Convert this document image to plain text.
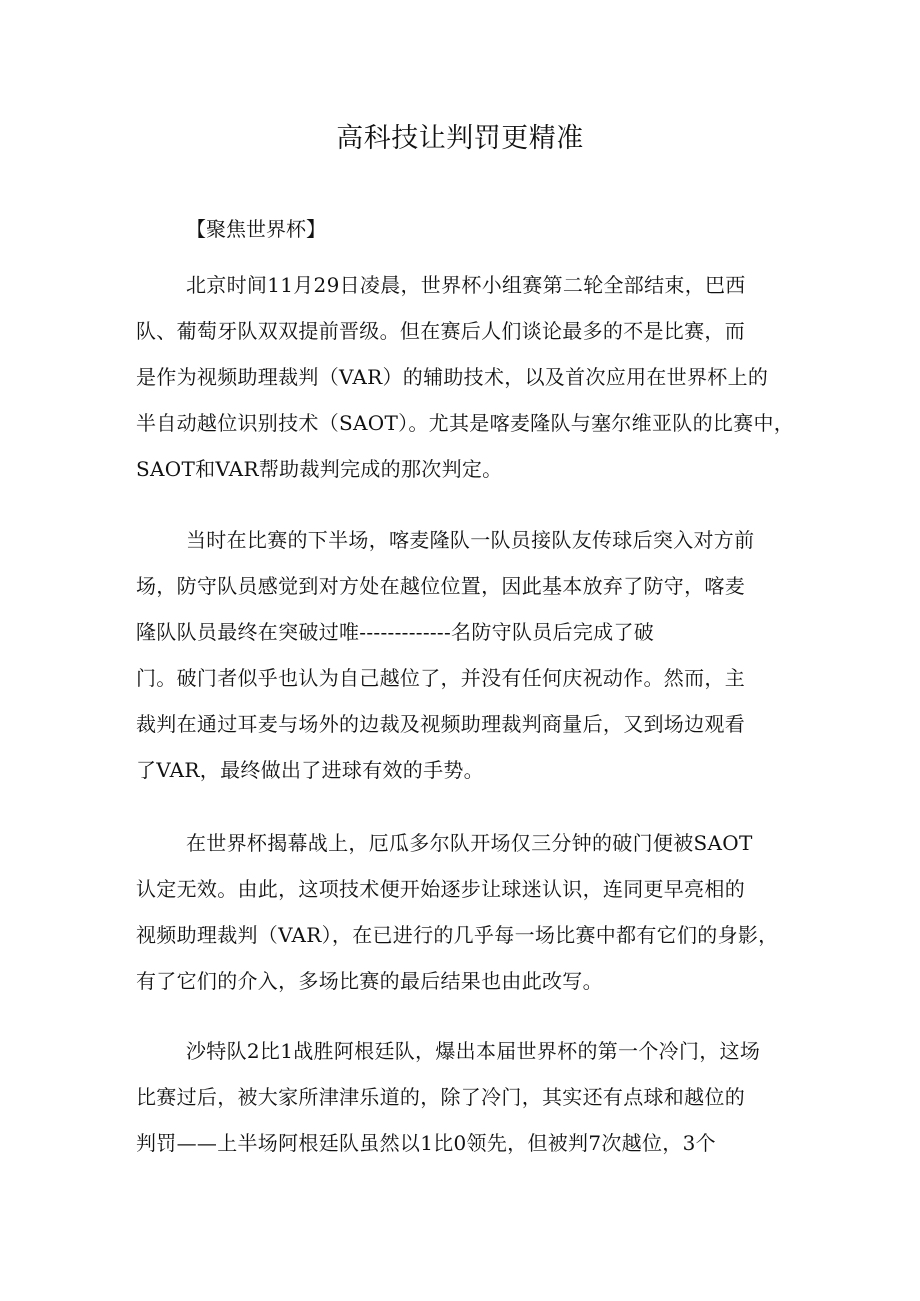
高科技让判罚更精准

【聚焦世界杯】

北京时间11月29日凌晨，世界杯小组赛第二轮全部结束，巴西
队、葡萄牙队双双提前晋级。但在赛后人们谈论最多的不是比赛，而
是作为视频助理裁判（VAR）的辅助技术，以及首次应用在世界杯上的
半自动越位识别技术（SAOT）。尤其是喀麦隆队与塞尔维亚队的比赛中，
SAOT和VAR帮助裁判完成的那次判定。
当时在比赛的下半场，喀麦隆队一队员接队友传球后突入对方前
场，防守队员感觉到对方处在越位位置，因此基本放弃了防守，喀麦
隆队队员最终在突破过唯-------------名防守队员后完成了破
门。破门者似乎也认为自己越位了，并没有任何庆祝动作。然而，主
裁判在通过耳麦与场外的边裁及视频助理裁判商量后，又到场边观看
了VAR，最终做出了进球有效的手势。
在世界杯揭幕战上，厄瓜多尔队开场仅三分钟的破门便被SAOT
认定无效。由此，这项技术便开始逐步让球迷认识，连同更早亮相的
视频助理裁判（VAR），在已进行的几乎每一场比赛中都有它们的身影，
有了它们的介入，多场比赛的最后结果也由此改写。
沙特队2比1战胜阿根廷队，爆出本届世界杯的第一个冷门，这场
比赛过后，被大家所津津乐道的，除了冷门，其实还有点球和越位的
判罚——上半场阿根廷队虽然以1比0领先，但被判7次越位，3个
